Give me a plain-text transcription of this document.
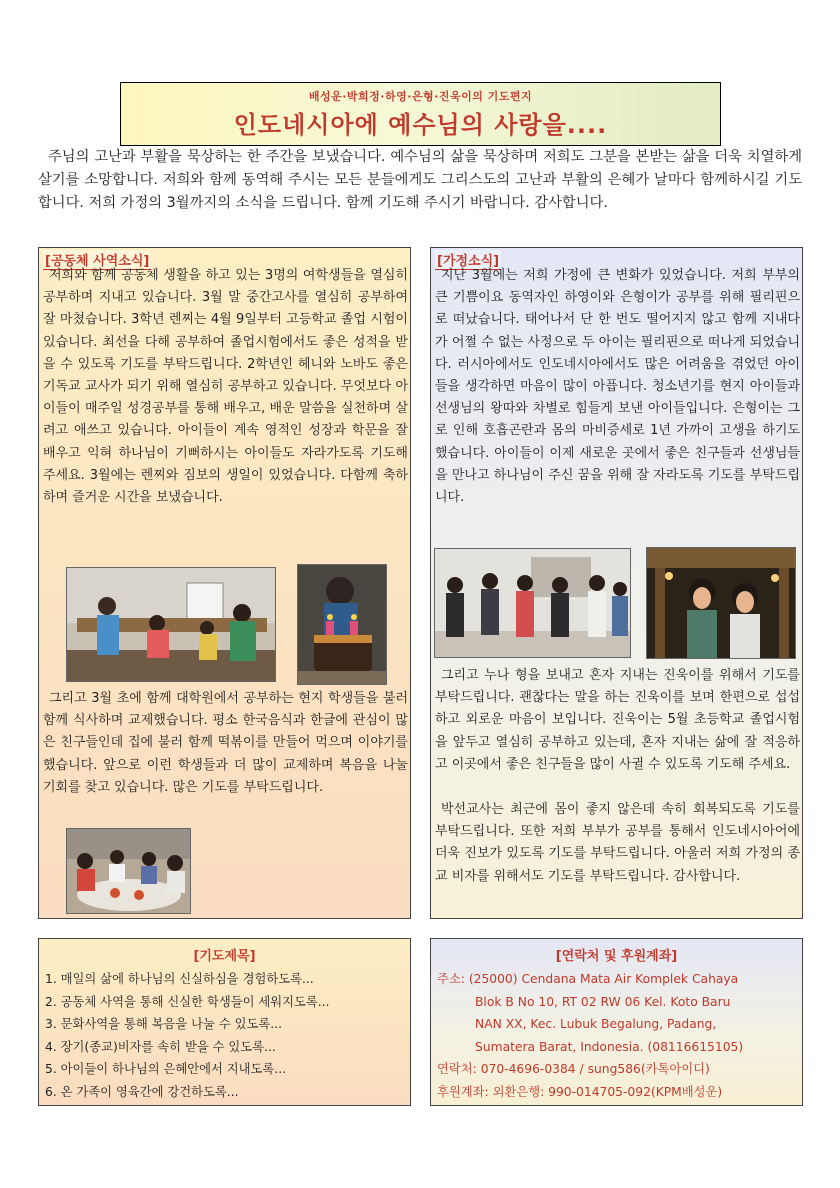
배성운·박희정·하영·은형·진욱이의 기도편지
인도네시아에 예수님의 사랑을....

주님의 고난과 부활을 묵상하는 한 주간을 보냈습니다. 예수님의 삶을 묵상하며 저희도 그분을 본받는 삶을 더욱 치열하게 살기를 소망합니다. 저희와 함께 동역해 주시는 모든 분들에게도 그리스도의 고난과 부활의 은혜가 날마다 함께하시길 기도합니다. 저희 가정의 3월까지의 소식을 드립니다. 함께 기도해 주시기 바랍니다. 감사합니다.

[공동체 사역소식]

저희와 함께 공동체 생활을 하고 있는 3명의 여학생들을 열심히 공부하며 지내고 있습니다. 3월 말 중간고사를 열심히 공부하여 잘 마쳤습니다. 3학년 렌찌는 4월 9일부터 고등학교 졸업 시험이 있습니다. 최선을 다해 공부하여 졸업시험에서도 좋은 성적을 받을 수 있도록 기도를 부탁드립니다. 2학년인 헤니와 노바도 좋은 기독교 교사가 되기 위해 열심히 공부하고 있습니다. 무엇보다 아이들이 매주일 성경공부를 통해 배우고, 배운 말씀을 실천하며 살려고 애쓰고 있습니다. 아이들이 계속 영적인 성장과 학문을 잘 배우고 익혀 하나님이 기뻐하시는 아이들도 자라가도록 기도해 주세요. 3월에는 렌찌와 짐보의 생일이 있었습니다. 다함께 축하하며 즐거운 시간을 보냈습니다.

그리고 3월 초에 함께 대학원에서 공부하는 현지 학생들을 불러 함께 식사하며 교제했습니다. 평소 한국음식과 한글에 관심이 많은 친구들인데 집에 불러 함께 떡볶이를 만들어 먹으며 이야기를 했습니다. 앞으로 이런 학생들과 더 많이 교제하며 복음을 나눌 기회를 찾고 있습니다. 많은 기도를 부탁드립니다.

[가정소식]

지난 3월에는 저희 가정에 큰 변화가 있었습니다. 저희 부부의 큰 기쁨이요 동역자인 하영이와 은형이가 공부를 위해 필리핀으로 떠났습니다. 태어나서 단 한 번도 떨어지지 않고 함께 지내다가 어쩔 수 없는 사정으로 두 아이는 필리핀으로 떠나게 되었습니다. 러시아에서도 인도네시아에서도 많은 어려움을 겪었던 아이들을 생각하면 마음이 많이 아픕니다. 청소년기를 현지 아이들과 선생님의 왕따와 차별로 힘들게 보낸 아이들입니다. 은형이는 그로 인해 호흡곤란과 몸의 마비증세로 1년 가까이 고생을 하기도 했습니다. 아이들이 이제 새로운 곳에서 좋은 친구들과 선생님들을 만나고 하나님이 주신 꿈을 위해 잘 자라도록 기도를 부탁드립니다.

그리고 누나 형을 보내고 혼자 지내는 진욱이를 위해서 기도를 부탁드립니다. 괜찮다는 말을 하는 진욱이를 보며 한편으로 섭섭하고 외로운 마음이 보입니다. 진욱이는 5월 초등학교 졸업시험을 앞두고 열심히 공부하고 있는데, 혼자 지내는 삶에 잘 적응하고 이곳에서 좋은 친구들을 많이 사귈 수 있도록 기도해 주세요.

박선교사는 최근에 몸이 좋지 않은데 속히 회복되도록 기도를 부탁드립니다. 또한 저희 부부가 공부를 통해서 인도네시아어에 더욱 진보가 있도록 기도를 부탁드립니다. 아울러 저희 가정의 종교 비자를 위해서도 기도를 부탁드립니다. 감사합니다.

[기도제목]
1. 매일의 삶에 하나님의 신실하심을 경험하도록...
2. 공동체 사역을 통해 신실한 학생들이 세워지도록...
3. 문화사역을 통해 복음을 나눌 수 있도록...
4. 장기(종교)비자를 속히 받을 수 있도록...
5. 아이들이 하나님의 은혜안에서 지내도록...
6. 온 가족이 영육간에 강건하도록...
[연락처 및 후원계좌]
주소: (25000) Cendana Mata Air Komplek Cahaya
Blok B No 10, RT 02 RW 06 Kel. Koto Baru
NAN XX, Kec. Lubuk Begalung, Padang,
Sumatera Barat, Indonesia. (08116615105)
연락처: 070-4696-0384 / sung586(카톡아이디)
후원계좌: 외환은행: 990-014705-092(KPM배성운)
